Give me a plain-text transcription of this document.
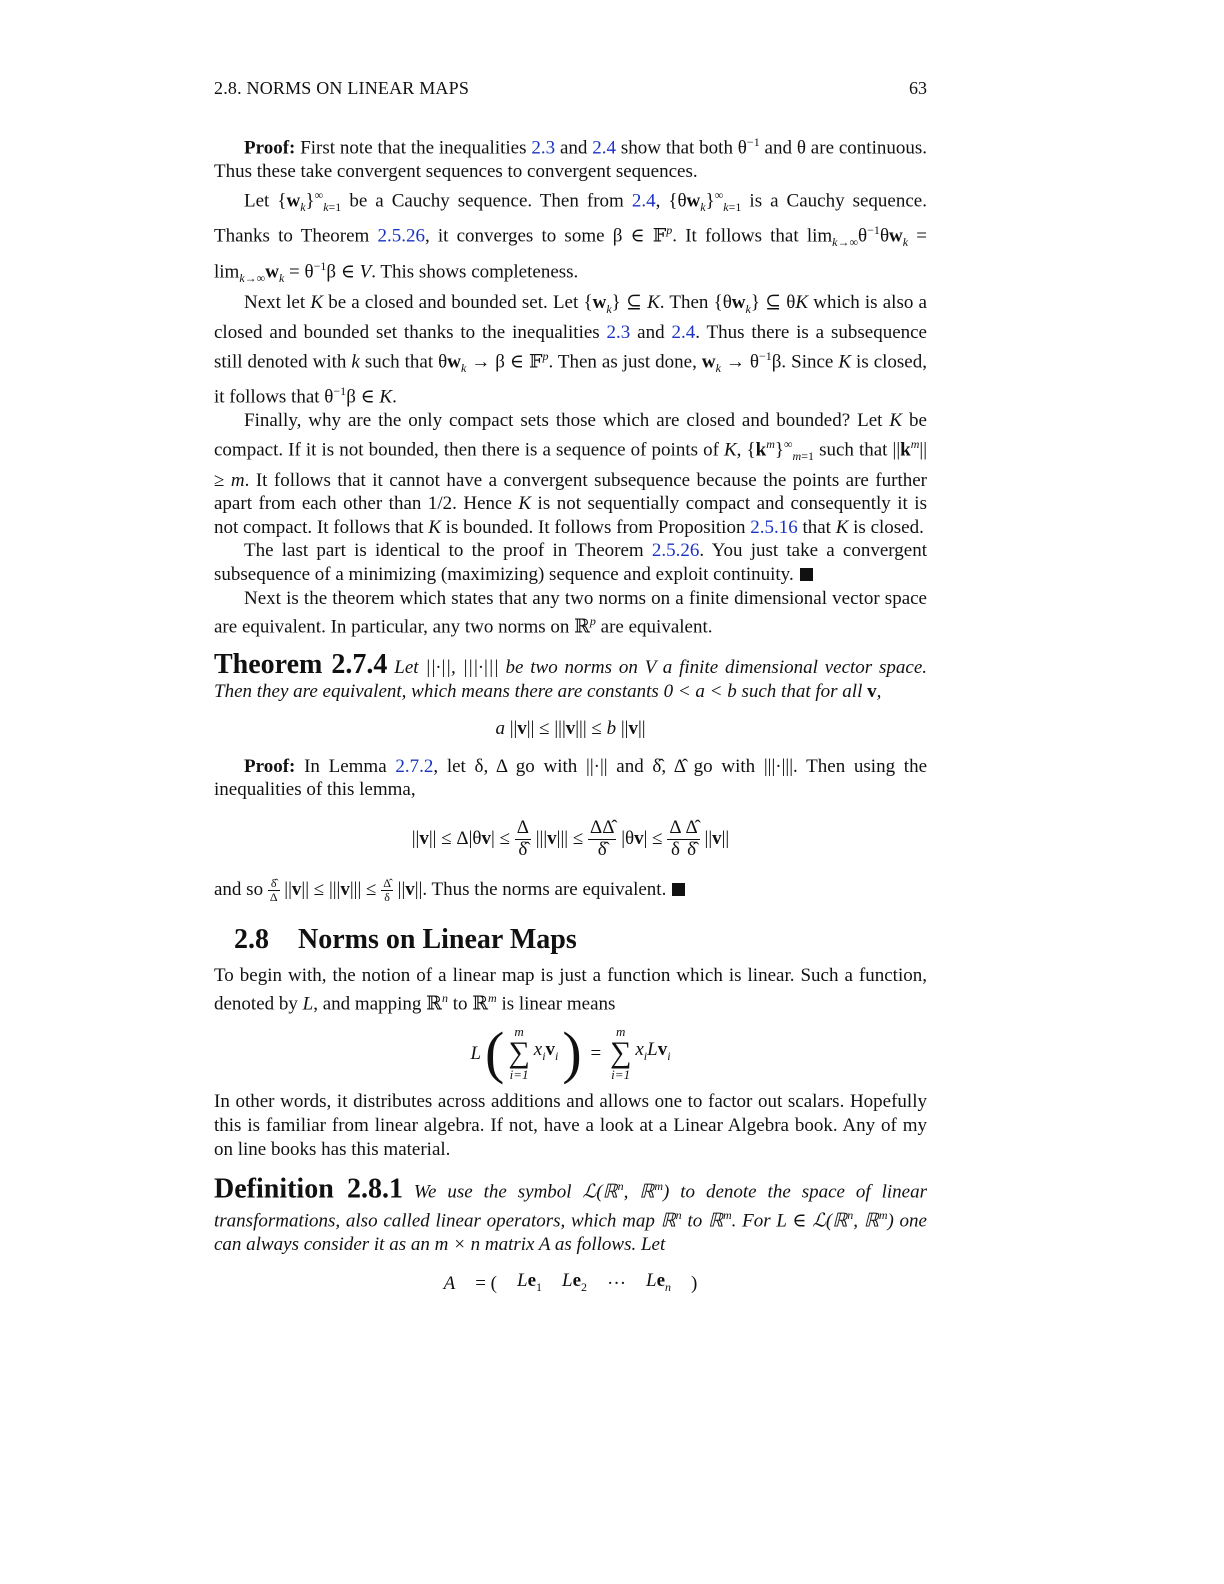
2.8. NORMS ON LINEAR MAPS	63

Proof: First note that the inequalities 2.3 and 2.4 show that both $\theta^{-1}$ and θ are continuous. Thus these take convergent sequences to convergent sequences.

Let $\{w_k\}^\infty_{k=1}$ be a Cauchy sequence. Then from 2.4, $\{\theta w_k\}^\infty_{k=1}$ is a Cauchy sequence. Thanks to Theorem 2.5.26, it converges to some β ∈ 𝔽$^p$. It follows that $\lim_{k\to\infty}\theta^{-1}\theta w_k = \lim_{k\to\infty}w_k = \theta^{-1}\beta$ ∈ V. This shows completeness.

Next let K be a closed and bounded set. Let $\{w_k\}$ ⊆ K. Then $\{\theta w_k\}$ ⊆ θK which is also a closed and bounded set thanks to the inequalities 2.3 and 2.4. Thus there is a subsequence still denoted with k such that $\theta w_k \to \beta$ ∈ 𝔽$^p$. Then as just done, $w_k \to \theta^{-1}\beta$. Since K is closed, it follows that $\theta^{-1}\beta$ ∈ K.

Finally, why are the only compact sets those which are closed and bounded? Let K be compact. If it is not bounded, then there is a sequence of points of K, $\{k^m\}^\infty_{m=1}$ such that $||k^m|| \ge m$. It follows that it cannot have a convergent subsequence because the points are further apart from each other than 1/2. Hence K is not sequentially compact and consequently it is not compact. It follows that K is bounded. It follows from Proposition 2.5.16 that K is closed.

The last part is identical to the proof in Theorem 2.5.26. You just take a convergent subsequence of a minimizing (maximizing) sequence and exploit continuity.

Next is the theorem which states that any two norms on a finite dimensional vector space are equivalent. In particular, any two norms on ℝ$^p$ are equivalent.

Theorem 2.7.4 Let ||·||, |||·||| be two norms on V a finite dimensional vector space. Then they are equivalent, which means there are constants 0 < a < b such that for all v,

a ||v|| ≤ |||v||| ≤ b ||v||

Proof: In Lemma 2.7.2, let δ, Δ go with ||·|| and δ̂, Δ̂ go with |||·|||. Then using the inequalities of this lemma,

$||v|| \le \Delta|\theta v| \le \frac{\Delta}{\deltâ} |||v||| \le \frac{\Delta\Deltâ}{\deltâ} |\theta v| \le \frac{\Delta}{\delta} \frac{\Deltâ}{\deltâ} ||v||$

and so $\frac{\deltâ}{\Delta} ||v|| \le |||v||| \le \frac{\Deltâ}{\delta} ||v||$. Thus the norms are equivalent.

2.8 Norms on Linear Maps

To begin with, the notion of a linear map is just a function which is linear. Such a function, denoted by L, and mapping ℝ$^n$ to ℝ$^m$ is linear means

L ( m
∑
i=1
$x_iv_i$ ) =
m
∑
i=1
$x_iLv_i$

In other words, it distributes across additions and allows one to factor out scalars. Hopefully this is familiar from linear algebra. If not, have a look at a Linear Algebra book. Any of my on line books has this material.

Definition 2.8.1 We use the symbol ℒ(ℝ$^n$, ℝ$^m$) to denote the space of linear transformations, also called linear operators, which map ℝ$^n$ to ℝ$^m$. For L ∈ ℒ(ℝ$^n$, ℝ$^m$) one can always consider it as an m × n matrix A as follows. Let

A = ( $Le_1$ $Le_2$ ··· $Le_n$ )
